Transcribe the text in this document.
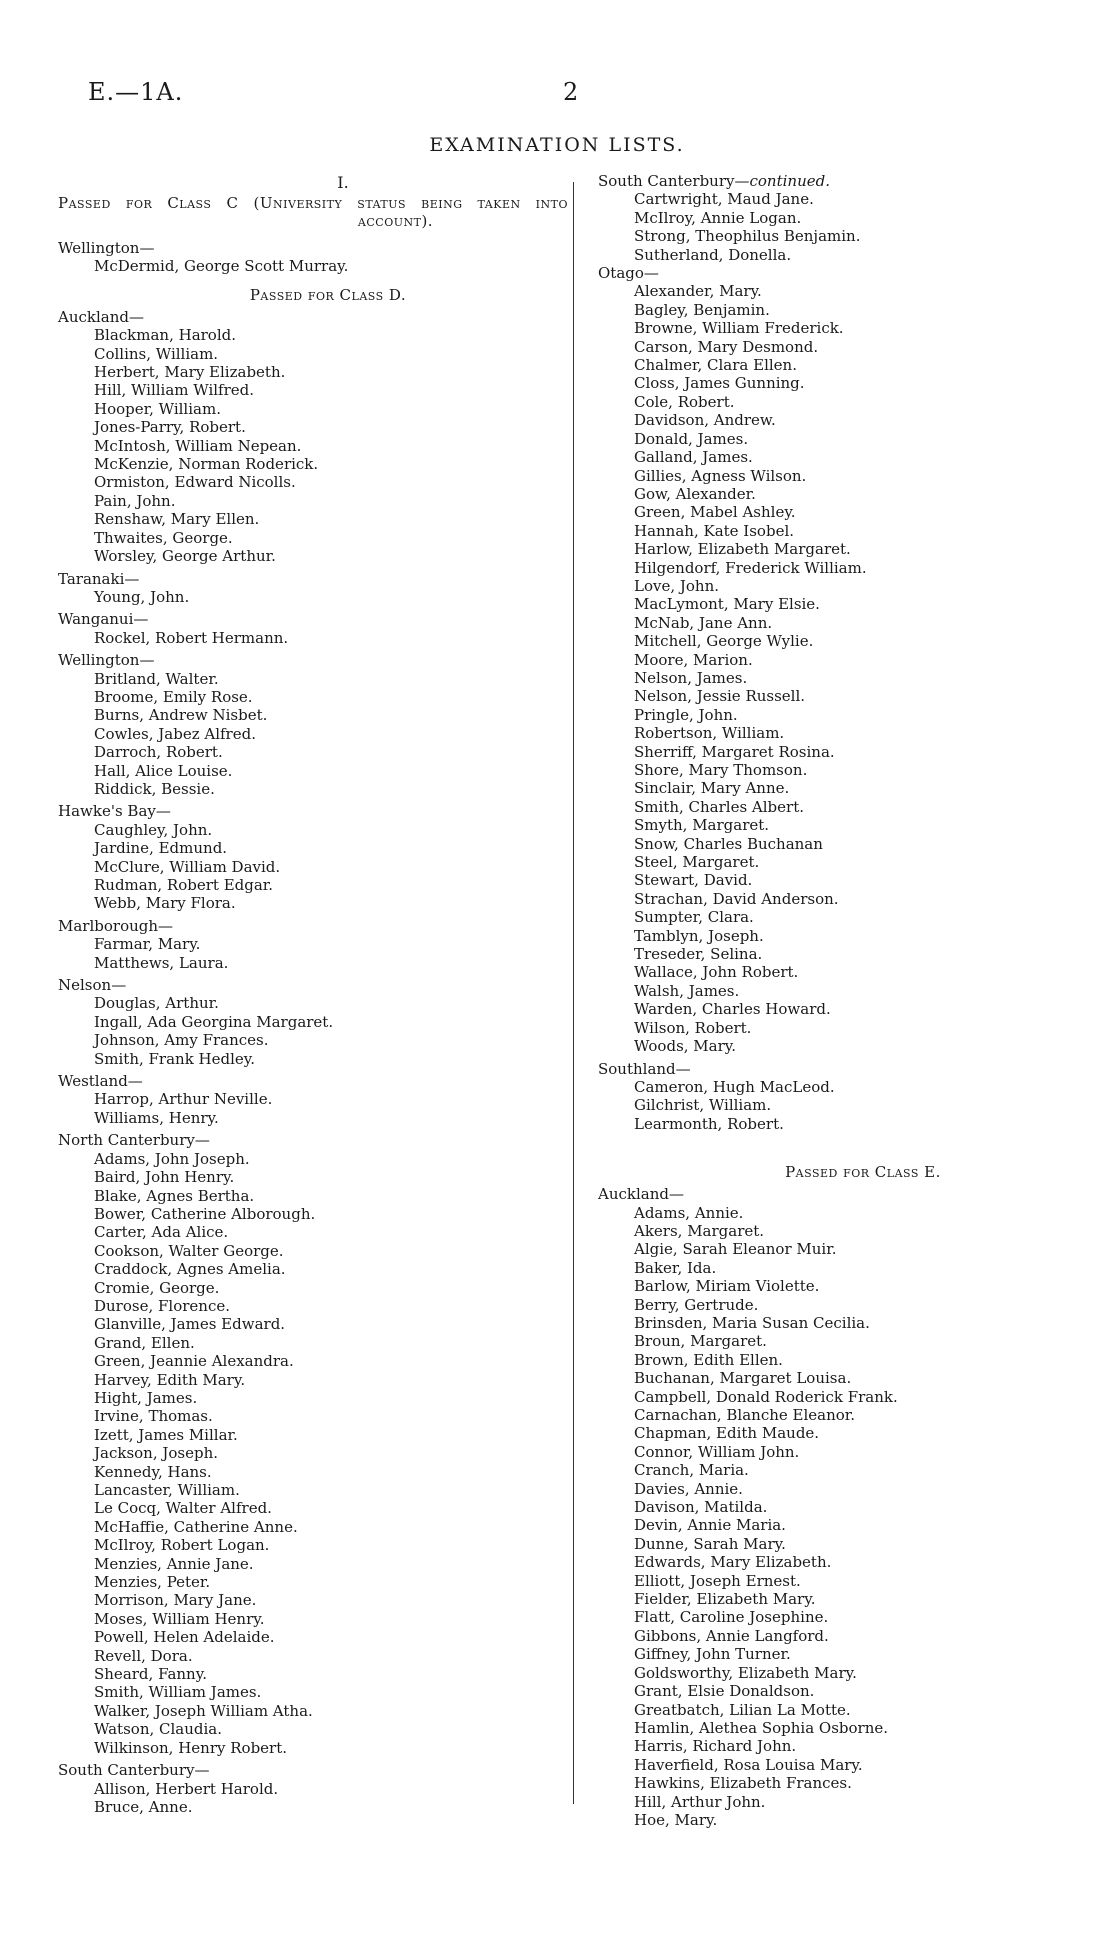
E.—1A.	2
EXAMINATION LISTS.
I.
Passed for Class C (University status being taken into account).
Wellington—
McDermid, George Scott Murray.
Passed for Class D.
Auckland—
Blackman, Harold.
Collins, William.
Herbert, Mary Elizabeth.
Hill, William Wilfred.
Hooper, William.
Jones-Parry, Robert.
McIntosh, William Nepean.
McKenzie, Norman Roderick.
Ormiston, Edward Nicolls.
Pain, John.
Renshaw, Mary Ellen.
Thwaites, George.
Worsley, George Arthur.
Taranaki—
Young, John.
Wanganui—
Rockel, Robert Hermann.
Wellington—
Britland, Walter.
Broome, Emily Rose.
Burns, Andrew Nisbet.
Cowles, Jabez Alfred.
Darroch, Robert.
Hall, Alice Louise.
Riddick, Bessie.
Hawke's Bay—
Caughley, John.
Jardine, Edmund.
McClure, William David.
Rudman, Robert Edgar.
Webb, Mary Flora.
Marlborough—
Farmar, Mary.
Matthews, Laura.
Nelson—
Douglas, Arthur.
Ingall, Ada Georgina Margaret.
Johnson, Amy Frances.
Smith, Frank Hedley.
Westland—
Harrop, Arthur Neville.
Williams, Henry.
North Canterbury—
Adams, John Joseph.
Baird, John Henry.
Blake, Agnes Bertha.
Bower, Catherine Alborough.
Carter, Ada Alice.
Cookson, Walter George.
Craddock, Agnes Amelia.
Cromie, George.
Durose, Florence.
Glanville, James Edward.
Grand, Ellen.
Green, Jeannie Alexandra.
Harvey, Edith Mary.
Hight, James.
Irvine, Thomas.
Izett, James Millar.
Jackson, Joseph.
Kennedy, Hans.
Lancaster, William.
Le Cocq, Walter Alfred.
McHaffie, Catherine Anne.
McIlroy, Robert Logan.
Menzies, Annie Jane.
Menzies, Peter.
Morrison, Mary Jane.
Moses, William Henry.
Powell, Helen Adelaide.
Revell, Dora.
Sheard, Fanny.
Smith, William James.
Walker, Joseph William Atha.
Watson, Claudia.
Wilkinson, Henry Robert.
South Canterbury—
Allison, Herbert Harold.
Bruce, Anne.
South Canterbury—continued.
Cartwright, Maud Jane.
McIlroy, Annie Logan.
Strong, Theophilus Benjamin.
Sutherland, Donella.
Otago—
Alexander, Mary.
Bagley, Benjamin.
Browne, William Frederick.
Carson, Mary Desmond.
Chalmer, Clara Ellen.
Closs, James Gunning.
Cole, Robert.
Davidson, Andrew.
Donald, James.
Galland, James.
Gillies, Agness Wilson.
Gow, Alexander.
Green, Mabel Ashley.
Hannah, Kate Isobel.
Harlow, Elizabeth Margaret.
Hilgendorf, Frederick William.
Love, John.
MacLymont, Mary Elsie.
McNab, Jane Ann.
Mitchell, George Wylie.
Moore, Marion.
Nelson, James.
Nelson, Jessie Russell.
Pringle, John.
Robertson, William.
Sherriff, Margaret Rosina.
Shore, Mary Thomson.
Sinclair, Mary Anne.
Smith, Charles Albert.
Smyth, Margaret.
Snow, Charles Buchanan
Steel, Margaret.
Stewart, David.
Strachan, David Anderson.
Sumpter, Clara.
Tamblyn, Joseph.
Treseder, Selina.
Wallace, John Robert.
Walsh, James.
Warden, Charles Howard.
Wilson, Robert.
Woods, Mary.
Southland—
Cameron, Hugh MacLeod.
Gilchrist, William.
Learmonth, Robert.
Passed for Class E.
Auckland—
Adams, Annie.
Akers, Margaret.
Algie, Sarah Eleanor Muir.
Baker, Ida.
Barlow, Miriam Violette.
Berry, Gertrude.
Brinsden, Maria Susan Cecilia.
Broun, Margaret.
Brown, Edith Ellen.
Buchanan, Margaret Louisa.
Campbell, Donald Roderick Frank.
Carnachan, Blanche Eleanor.
Chapman, Edith Maude.
Connor, William John.
Cranch, Maria.
Davies, Annie.
Davison, Matilda.
Devin, Annie Maria.
Dunne, Sarah Mary.
Edwards, Mary Elizabeth.
Elliott, Joseph Ernest.
Fielder, Elizabeth Mary.
Flatt, Caroline Josephine.
Gibbons, Annie Langford.
Giffney, John Turner.
Goldsworthy, Elizabeth Mary.
Grant, Elsie Donaldson.
Greatbatch, Lilian La Motte.
Hamlin, Alethea Sophia Osborne.
Harris, Richard John.
Haverfield, Rosa Louisa Mary.
Hawkins, Elizabeth Frances.
Hill, Arthur John.
Hoe, Mary.
